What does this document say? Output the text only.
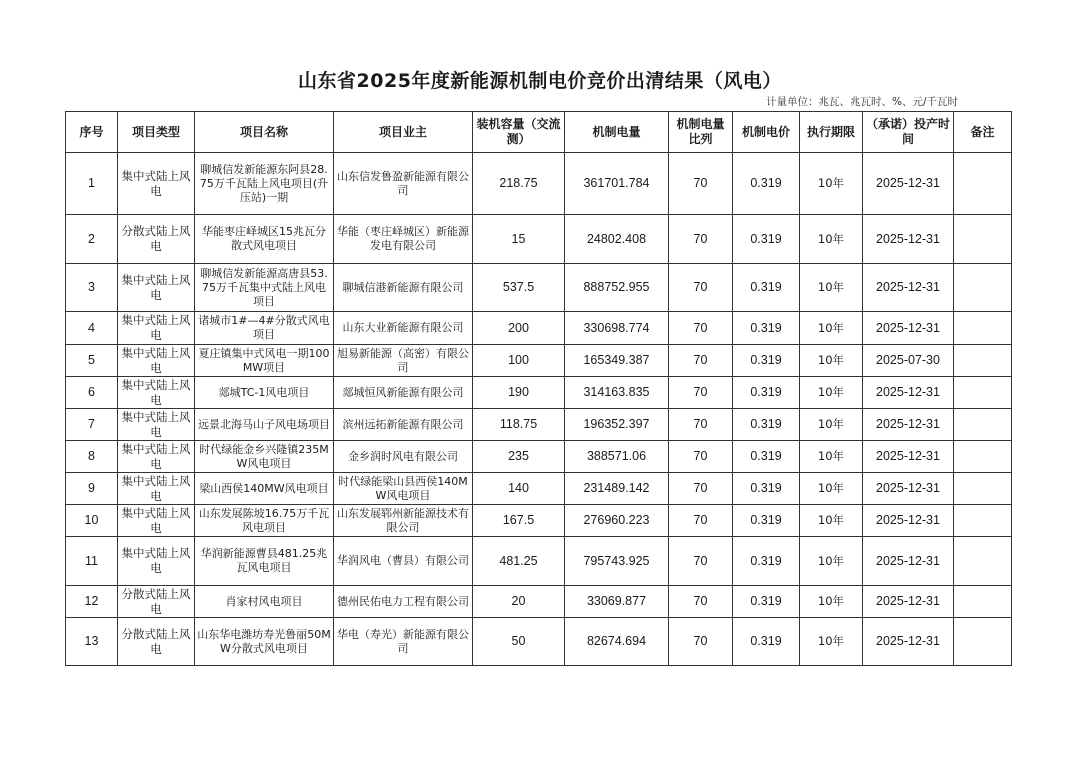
山东省2025年度新能源机制电价竞价出清结果（风电）
计量单位：兆瓦、兆瓦时、%、元/千瓦时
序号	项目类型	项目名称	项目业主	装机容量（交流测）	机制电量	机制电量比列	机制电价	执行期限	（承诺）投产时间	备注
1	集中式陆上风电	聊城信发新能源东阿县28.75万千瓦陆上风电项目(升压站)一期	山东信发鲁盈新能源有限公司	218.75	361701.784	70	0.319	10年	2025-12-31	
2	分散式陆上风电	华能枣庄峄城区15兆瓦分散式风电项目	华能（枣庄峄城区）新能源发电有限公司	15	24802.408	70	0.319	10年	2025-12-31	
3	集中式陆上风电	聊城信发新能源高唐县53.75万千瓦集中式陆上风电项目	聊城信港新能源有限公司	537.5	888752.955	70	0.319	10年	2025-12-31	
4	集中式陆上风电	诸城市1#—4#分散式风电项目	山东大业新能源有限公司	200	330698.774	70	0.319	10年	2025-12-31	
5	集中式陆上风电	夏庄镇集中式风电一期100MW项目	旭易新能源（高密）有限公司	100	165349.387	70	0.319	10年	2025-07-30	
6	集中式陆上风电	郯城TC-1风电项目	郯城恒风新能源有限公司	190	314163.835	70	0.319	10年	2025-12-31	
7	集中式陆上风电	远景北海马山子风电场项目	滨州远拓新能源有限公司	118.75	196352.397	70	0.319	10年	2025-12-31	
8	集中式陆上风电	时代绿能金乡兴隆镇235MW风电项目	金乡润时风电有限公司	235	388571.06	70	0.319	10年	2025-12-31	
9	集中式陆上风电	梁山西侯140MW风电项目	时代绿能梁山县西侯140MW风电项目	140	231489.142	70	0.319	10年	2025-12-31	
10	集中式陆上风电	山东发展陈坡16.75万千瓦风电项目	山东发展郓州新能源技术有限公司	167.5	276960.223	70	0.319	10年	2025-12-31	
11	集中式陆上风电	华润新能源曹县481.25兆瓦风电项目	华润风电（曹县）有限公司	481.25	795743.925	70	0.319	10年	2025-12-31	
12	分散式陆上风电	肖家村风电项目	德州民佑电力工程有限公司	20	33069.877	70	0.319	10年	2025-12-31	
13	分散式陆上风电	山东华电潍坊寿光鲁丽50MW分散式风电项目	华电（寿光）新能源有限公司	50	82674.694	70	0.319	10年	2025-12-31	
